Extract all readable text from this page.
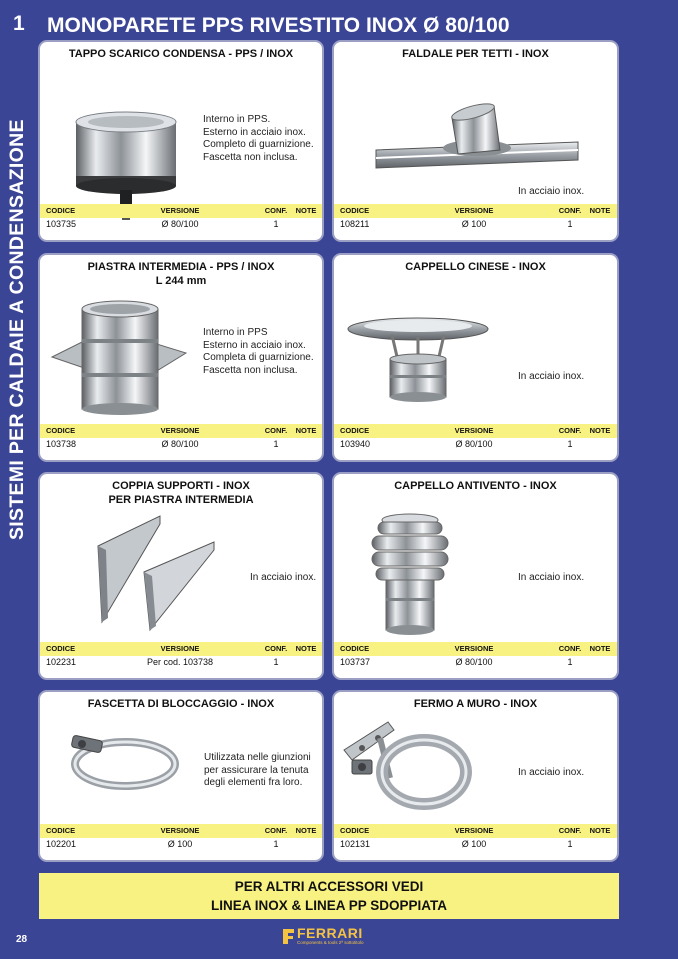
1
SISTEMI PER CALDAIE A CONDENSAZIONE
MONOPARETE PPS RIVESTITO INOX Ø 80/100
TAPPO SCARICO CONDENSA - PPS / INOX
Interno in PPS.
Esterno in acciaio inox.
Completo di guarnizione.
Fascetta non inclusa.
CODICE	VERSIONE	CONF.	NOTE
103735	Ø 80/100	1
FALDALE PER TETTI - INOX
In acciaio inox.
CODICE	VERSIONE	CONF.	NOTE
108211	Ø 100	1
PIASTRA INTERMEDIA - PPS / INOX
L 244 mm
Interno in PPS
Esterno in acciaio inox.
Completa di guarnizione.
Fascetta non inclusa.
CODICE	VERSIONE	CONF.	NOTE
103738	Ø 80/100	1
CAPPELLO CINESE - INOX
In acciaio inox.
CODICE	VERSIONE	CONF.	NOTE
103940	Ø 80/100	1
COPPIA SUPPORTI - INOX
PER PIASTRA INTERMEDIA
In acciaio inox.
CODICE	VERSIONE	CONF.	NOTE
102231	Per cod. 103738	1
CAPPELLO ANTIVENTO - INOX
In acciaio inox.
CODICE	VERSIONE	CONF.	NOTE
103737	Ø 80/100	1
FASCETTA DI BLOCCAGGIO - INOX
Utilizzata nelle giunzioni
per assicurare la tenuta
degli elementi fra loro.
CODICE	VERSIONE	CONF.	NOTE
102201	Ø 100	1
FERMO A MURO - INOX
In acciaio inox.
CODICE	VERSIONE	CONF.	NOTE
102131	Ø 100	1
PER ALTRI ACCESSORI VEDI
LINEA INOX & LINEA PP SDOPPIATA
28	FERRARI
Components & tools 2ª sottotitolo
